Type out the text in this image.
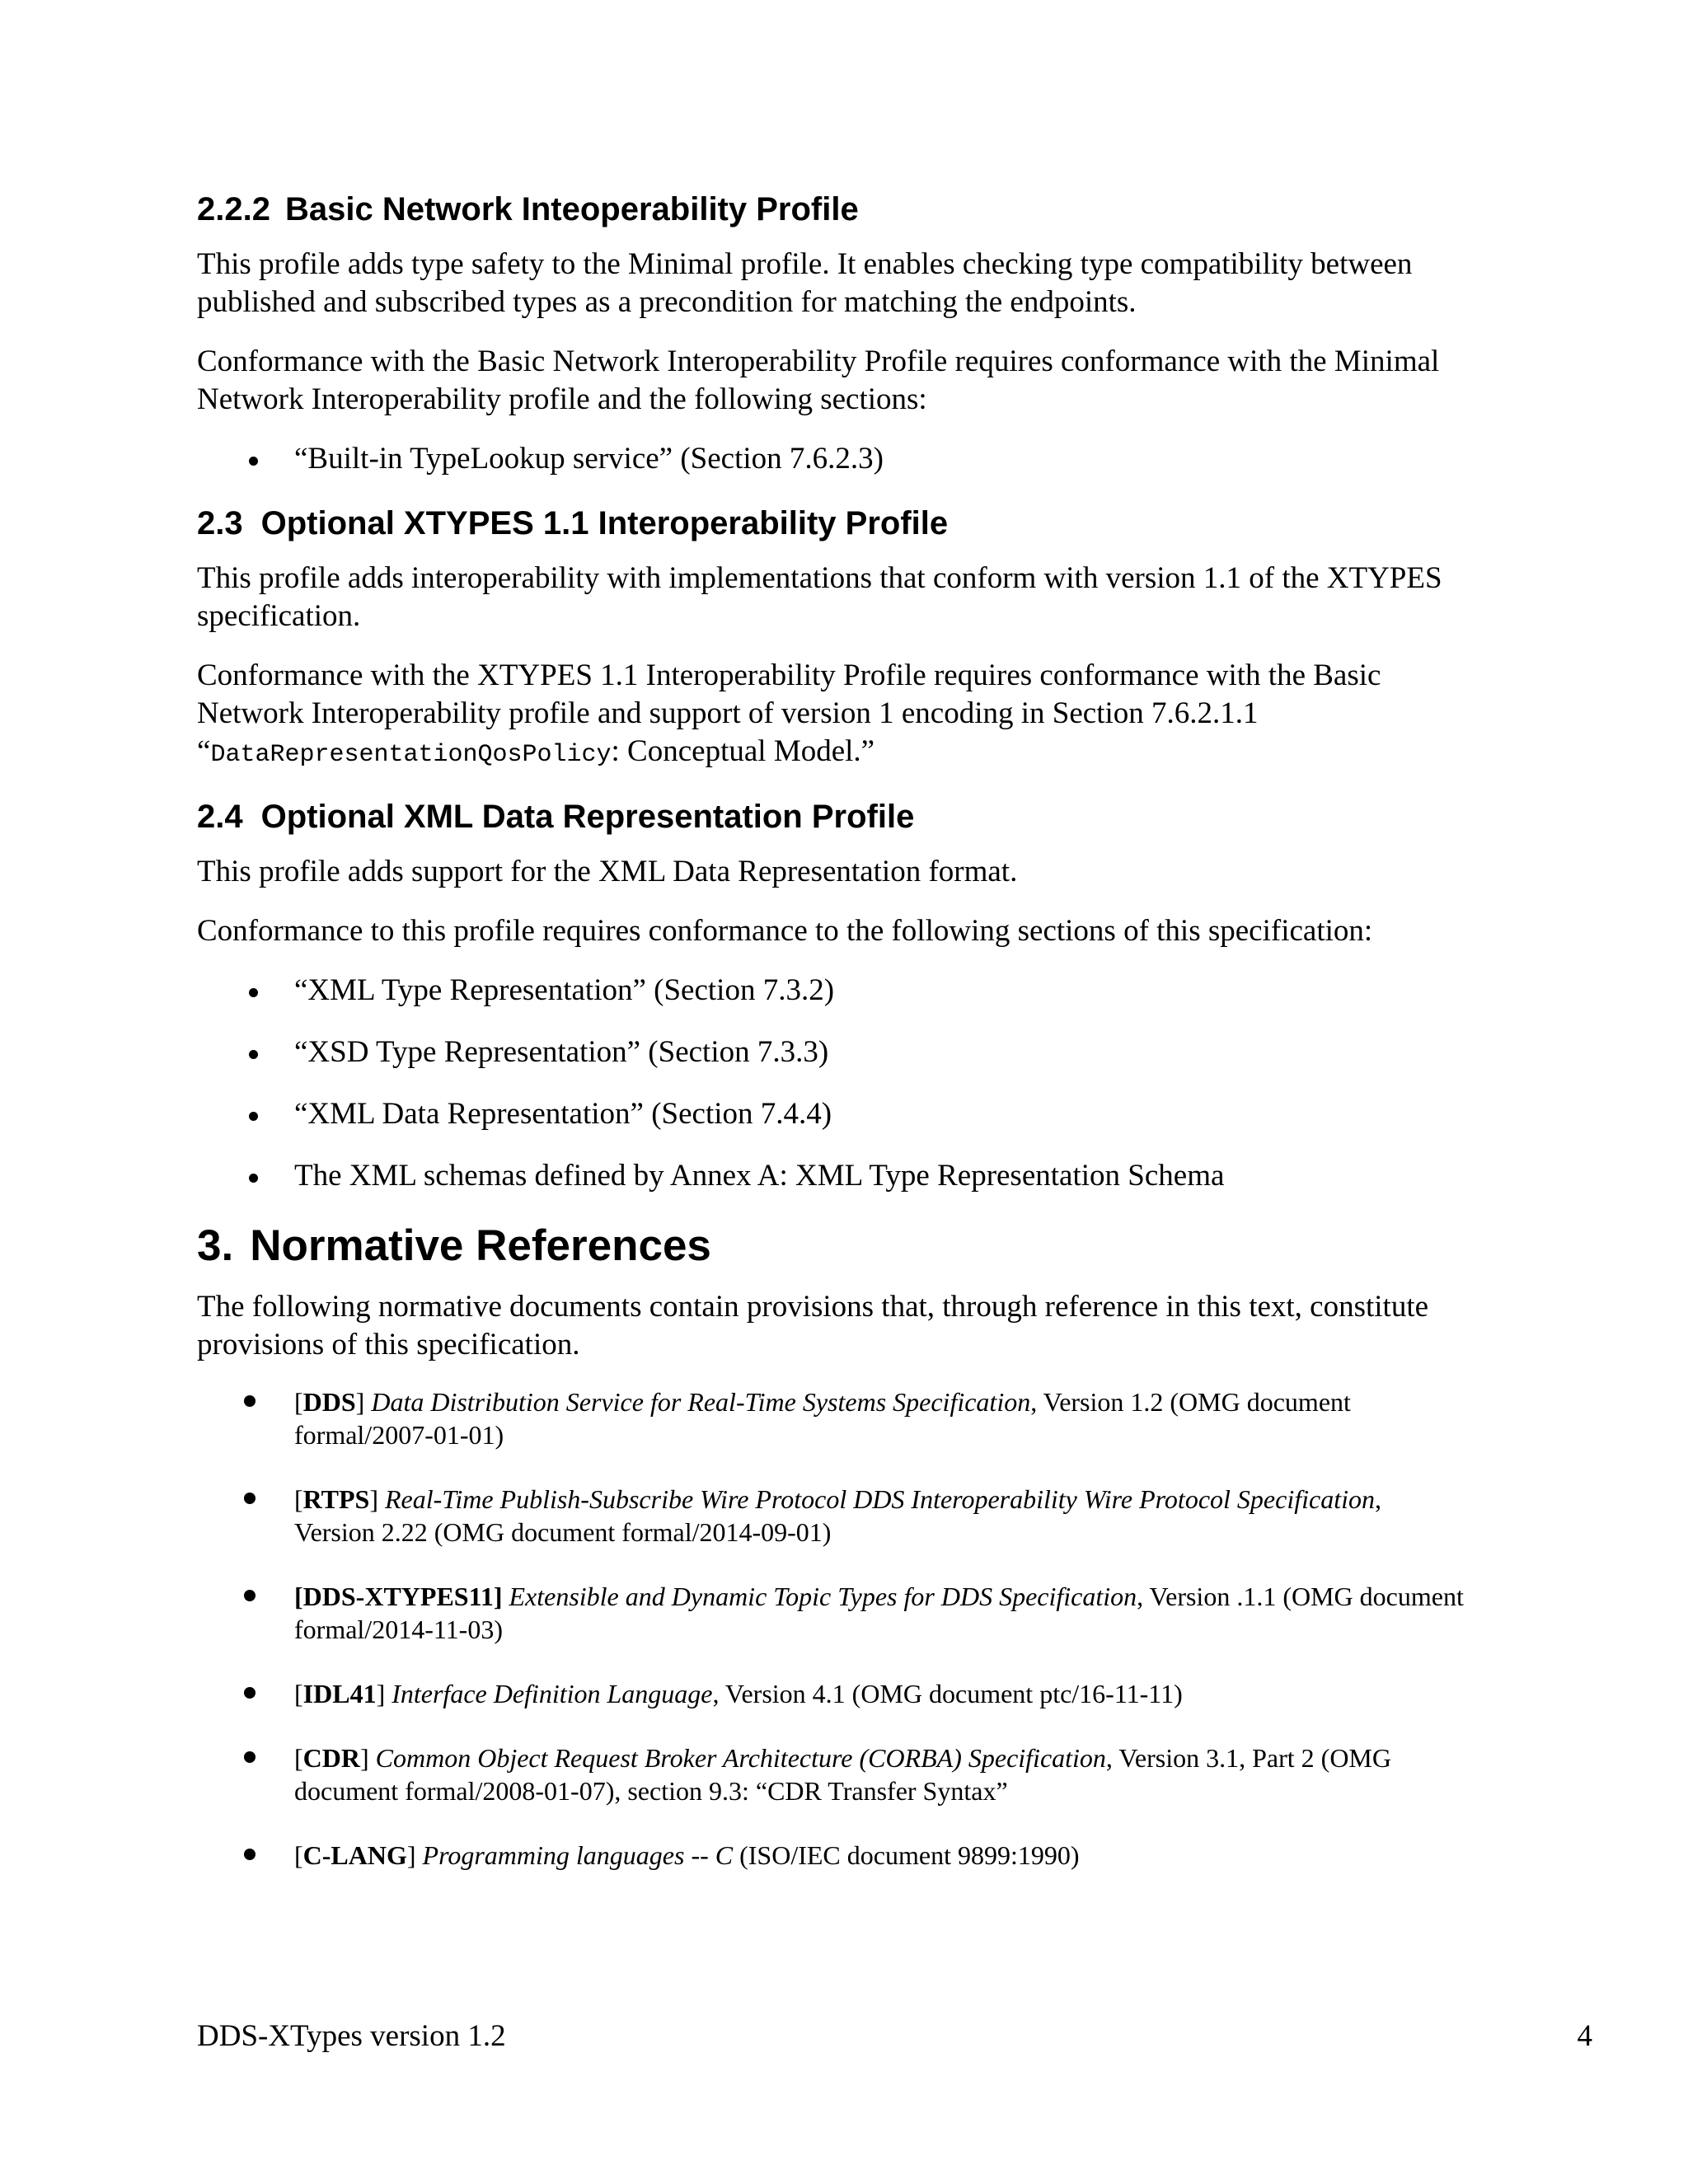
2.2.2 Basic Network Inteoperability Profile

This profile adds type safety to the Minimal profile. It enables checking type compatibility between published and subscribed types as a precondition for matching the endpoints.

Conformance with the Basic Network Interoperability Profile requires conformance with the Minimal Network Interoperability profile and the following sections:

“Built-in TypeLookup service” (Section 7.6.2.3)
2.3 Optional XTYPES 1.1 Interoperability Profile

This profile adds interoperability with implementations that conform with version 1.1 of the XTYPES specification.

Conformance with the XTYPES 1.1 Interoperability Profile requires conformance with the Basic Network Interoperability profile and support of version 1 encoding in Section 7.6.2.1.1 “DataRepresentationQosPolicy: Conceptual Model.”

2.4 Optional XML Data Representation Profile

This profile adds support for the XML Data Representation format.

Conformance to this profile requires conformance to the following sections of this specification:

“XML Type Representation” (Section 7.3.2)
“XSD Type Representation” (Section 7.3.3)
“XML Data Representation” (Section 7.4.4)
The XML schemas defined by Annex A: XML Type Representation Schema
3. Normative References

The following normative documents contain provisions that, through reference in this text, constitute provisions of this specification.

[DDS] Data Distribution Service for Real-Time Systems Specification, Version 1.2 (OMG document formal/2007-01-01)
[RTPS] Real-Time Publish-Subscribe Wire Protocol DDS Interoperability Wire Protocol Specification, Version 2.22 (OMG document formal/2014-09-01)
[DDS-XTYPES11] Extensible and Dynamic Topic Types for DDS Specification, Version .1.1 (OMG document formal/2014-11-03)
[IDL41] Interface Definition Language, Version 4.1 (OMG document ptc/16-11-11)
[CDR] Common Object Request Broker Architecture (CORBA) Specification, Version 3.1, Part 2 (OMG document formal/2008-01-07), section 9.3: “CDR Transfer Syntax”
[C-LANG] Programming languages -- C (ISO/IEC document 9899:1990)
DDS-XTypes version 1.2	4
